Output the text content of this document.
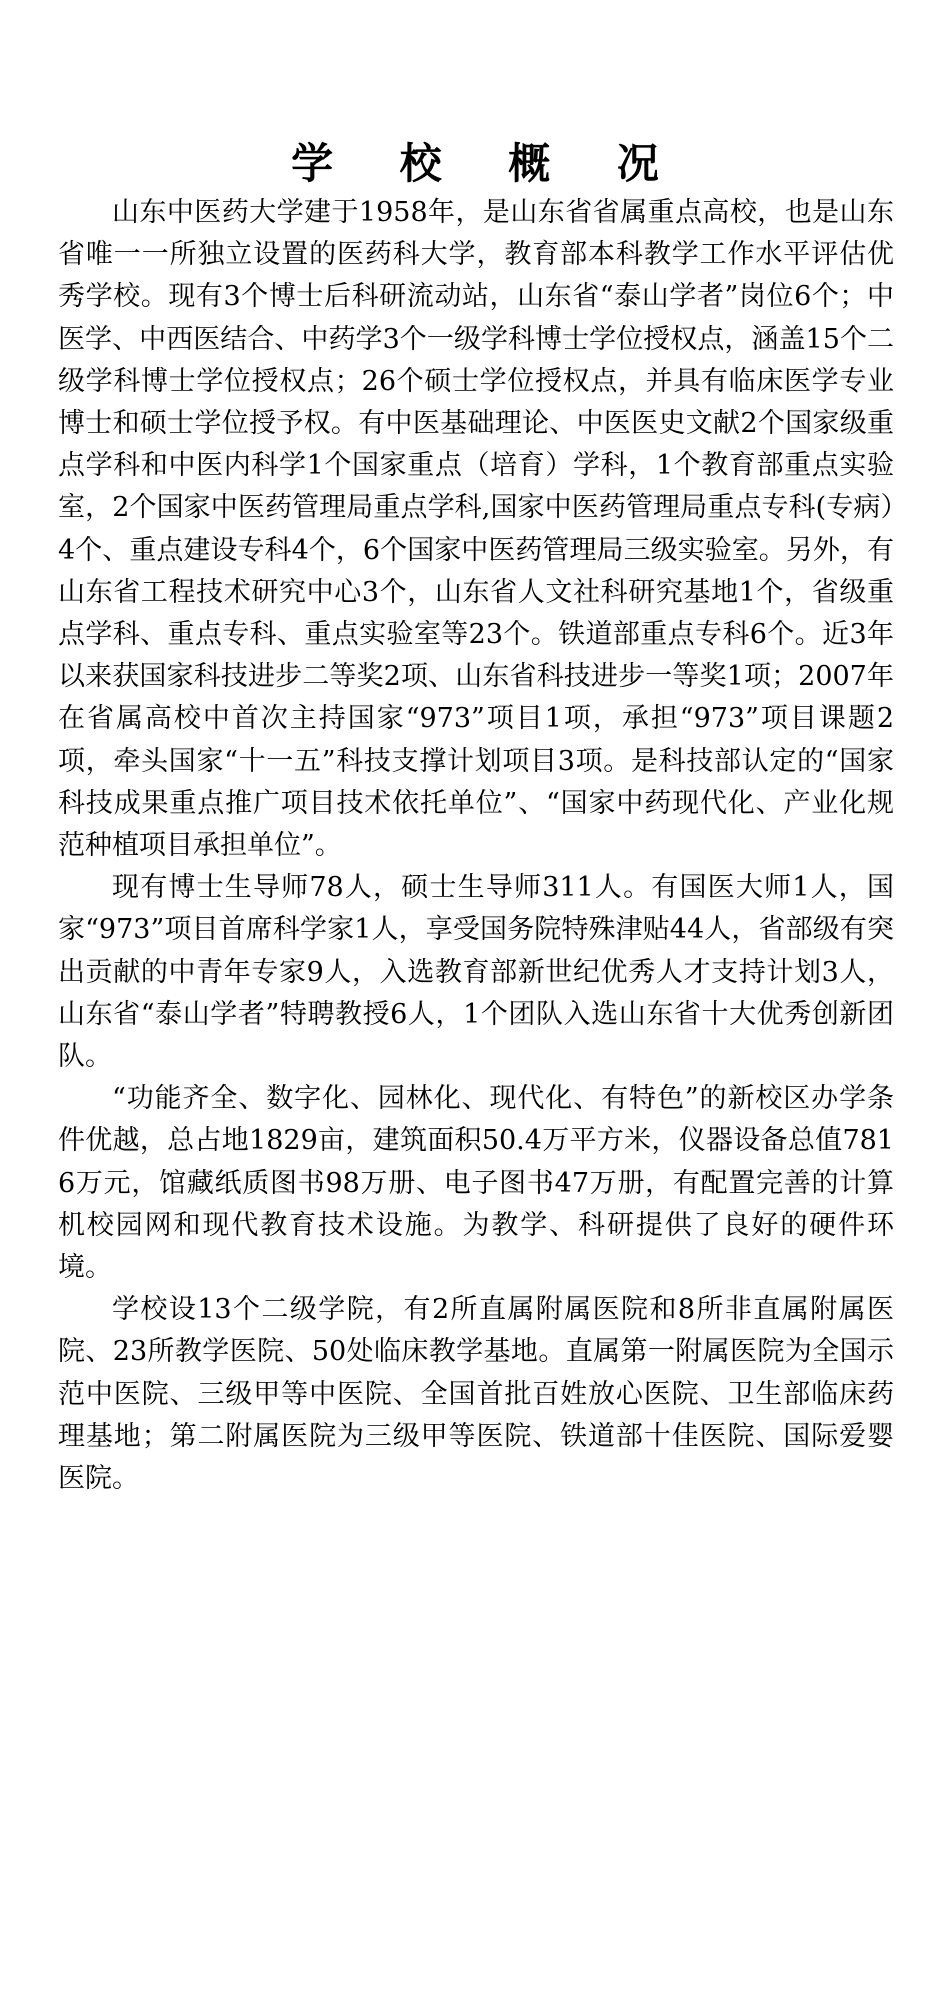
学 校 概 况

山东中医药大学建于1958年，是山东省省属重点高校，也是山东省唯一一所独立设置的医药科大学，教育部本科教学工作水平评估优秀学校。现有3个博士后科研流动站，山东省“泰山学者”岗位6个；中医学、中西医结合、中药学3个一级学科博士学位授权点，涵盖15个二级学科博士学位授权点；26个硕士学位授权点，并具有临床医学专业博士和硕士学位授予权。有中医基础理论、中医医史文献2个国家级重点学科和中医内科学1个国家重点（培育）学科，1个教育部重点实验室，2个国家中医药管理局重点学科,国家中医药管理局重点专科(专病）4个、重点建设专科4个，6个国家中医药管理局三级实验室。另外，有山东省工程技术研究中心3个，山东省人文社科研究基地1个，省级重点学科、重点专科、重点实验室等23个。铁道部重点专科6个。近3年以来获国家科技进步二等奖2项、山东省科技进步一等奖1项；2007年在省属高校中首次主持国家“973”项目1项，承担“973”项目课题2项，牵头国家“十一五”科技支撑计划项目3项。是科技部认定的“国家科技成果重点推广项目技术依托单位”、“国家中药现代化、产业化规范种植项目承担单位”。

现有博士生导师78人，硕士生导师311人。有国医大师1人，国家“973”项目首席科学家1人，享受国务院特殊津贴44人，省部级有突出贡献的中青年专家9人，入选教育部新世纪优秀人才支持计划3人，山东省“泰山学者”特聘教授6人，1个团队入选山东省十大优秀创新团队。

“功能齐全、数字化、园林化、现代化、有特色”的新校区办学条件优越，总占地1829亩，建筑面积50.4万平方米，仪器设备总值7816万元，馆藏纸质图书98万册、电子图书47万册，有配置完善的计算机校园网和现代教育技术设施。为教学、科研提供了良好的硬件环境。

学校设13个二级学院，有2所直属附属医院和8所非直属附属医院、23所教学医院、50处临床教学基地。直属第一附属医院为全国示范中医院、三级甲等中医院、全国首批百姓放心医院、卫生部临床药理基地；第二附属医院为三级甲等医院、铁道部十佳医院、国际爱婴医院。
